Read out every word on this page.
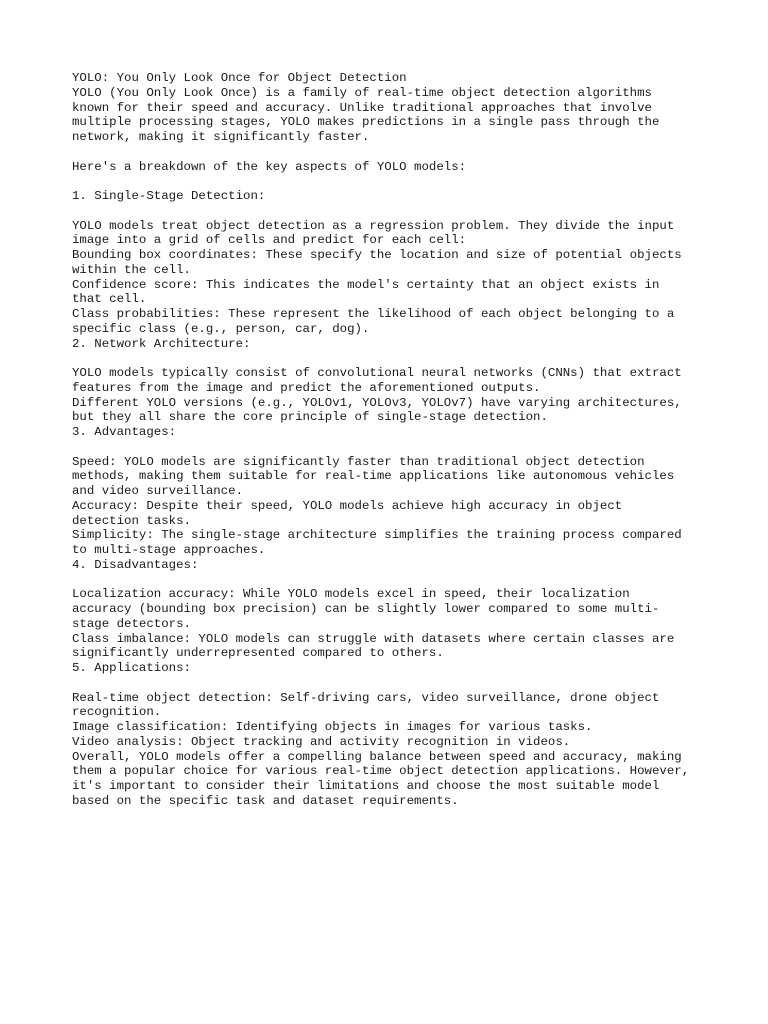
YOLO: You Only Look Once for Object Detection
YOLO (You Only Look Once) is a family of real-time object detection algorithms
known for their speed and accuracy. Unlike traditional approaches that involve
multiple processing stages, YOLO makes predictions in a single pass through the
network, making it significantly faster.
Here's a breakdown of the key aspects of YOLO models:
1. Single-Stage Detection:
YOLO models treat object detection as a regression problem. They divide the input
image into a grid of cells and predict for each cell:
Bounding box coordinates: These specify the location and size of potential objects
within the cell.
Confidence score: This indicates the model's certainty that an object exists in
that cell.
Class probabilities: These represent the likelihood of each object belonging to a
specific class (e.g., person, car, dog).
2. Network Architecture:
YOLO models typically consist of convolutional neural networks (CNNs) that extract
features from the image and predict the aforementioned outputs.
Different YOLO versions (e.g., YOLOv1, YOLOv3, YOLOv7) have varying architectures,
but they all share the core principle of single-stage detection.
3. Advantages:
Speed: YOLO models are significantly faster than traditional object detection
methods, making them suitable for real-time applications like autonomous vehicles
and video surveillance.
Accuracy: Despite their speed, YOLO models achieve high accuracy in object
detection tasks.
Simplicity: The single-stage architecture simplifies the training process compared
to multi-stage approaches.
4. Disadvantages:
Localization accuracy: While YOLO models excel in speed, their localization
accuracy (bounding box precision) can be slightly lower compared to some multi-
stage detectors.
Class imbalance: YOLO models can struggle with datasets where certain classes are
significantly underrepresented compared to others.
5. Applications:
Real-time object detection: Self-driving cars, video surveillance, drone object
recognition.
Image classification: Identifying objects in images for various tasks.
Video analysis: Object tracking and activity recognition in videos.
Overall, YOLO models offer a compelling balance between speed and accuracy, making
them a popular choice for various real-time object detection applications. However,
it's important to consider their limitations and choose the most suitable model
based on the specific task and dataset requirements.
